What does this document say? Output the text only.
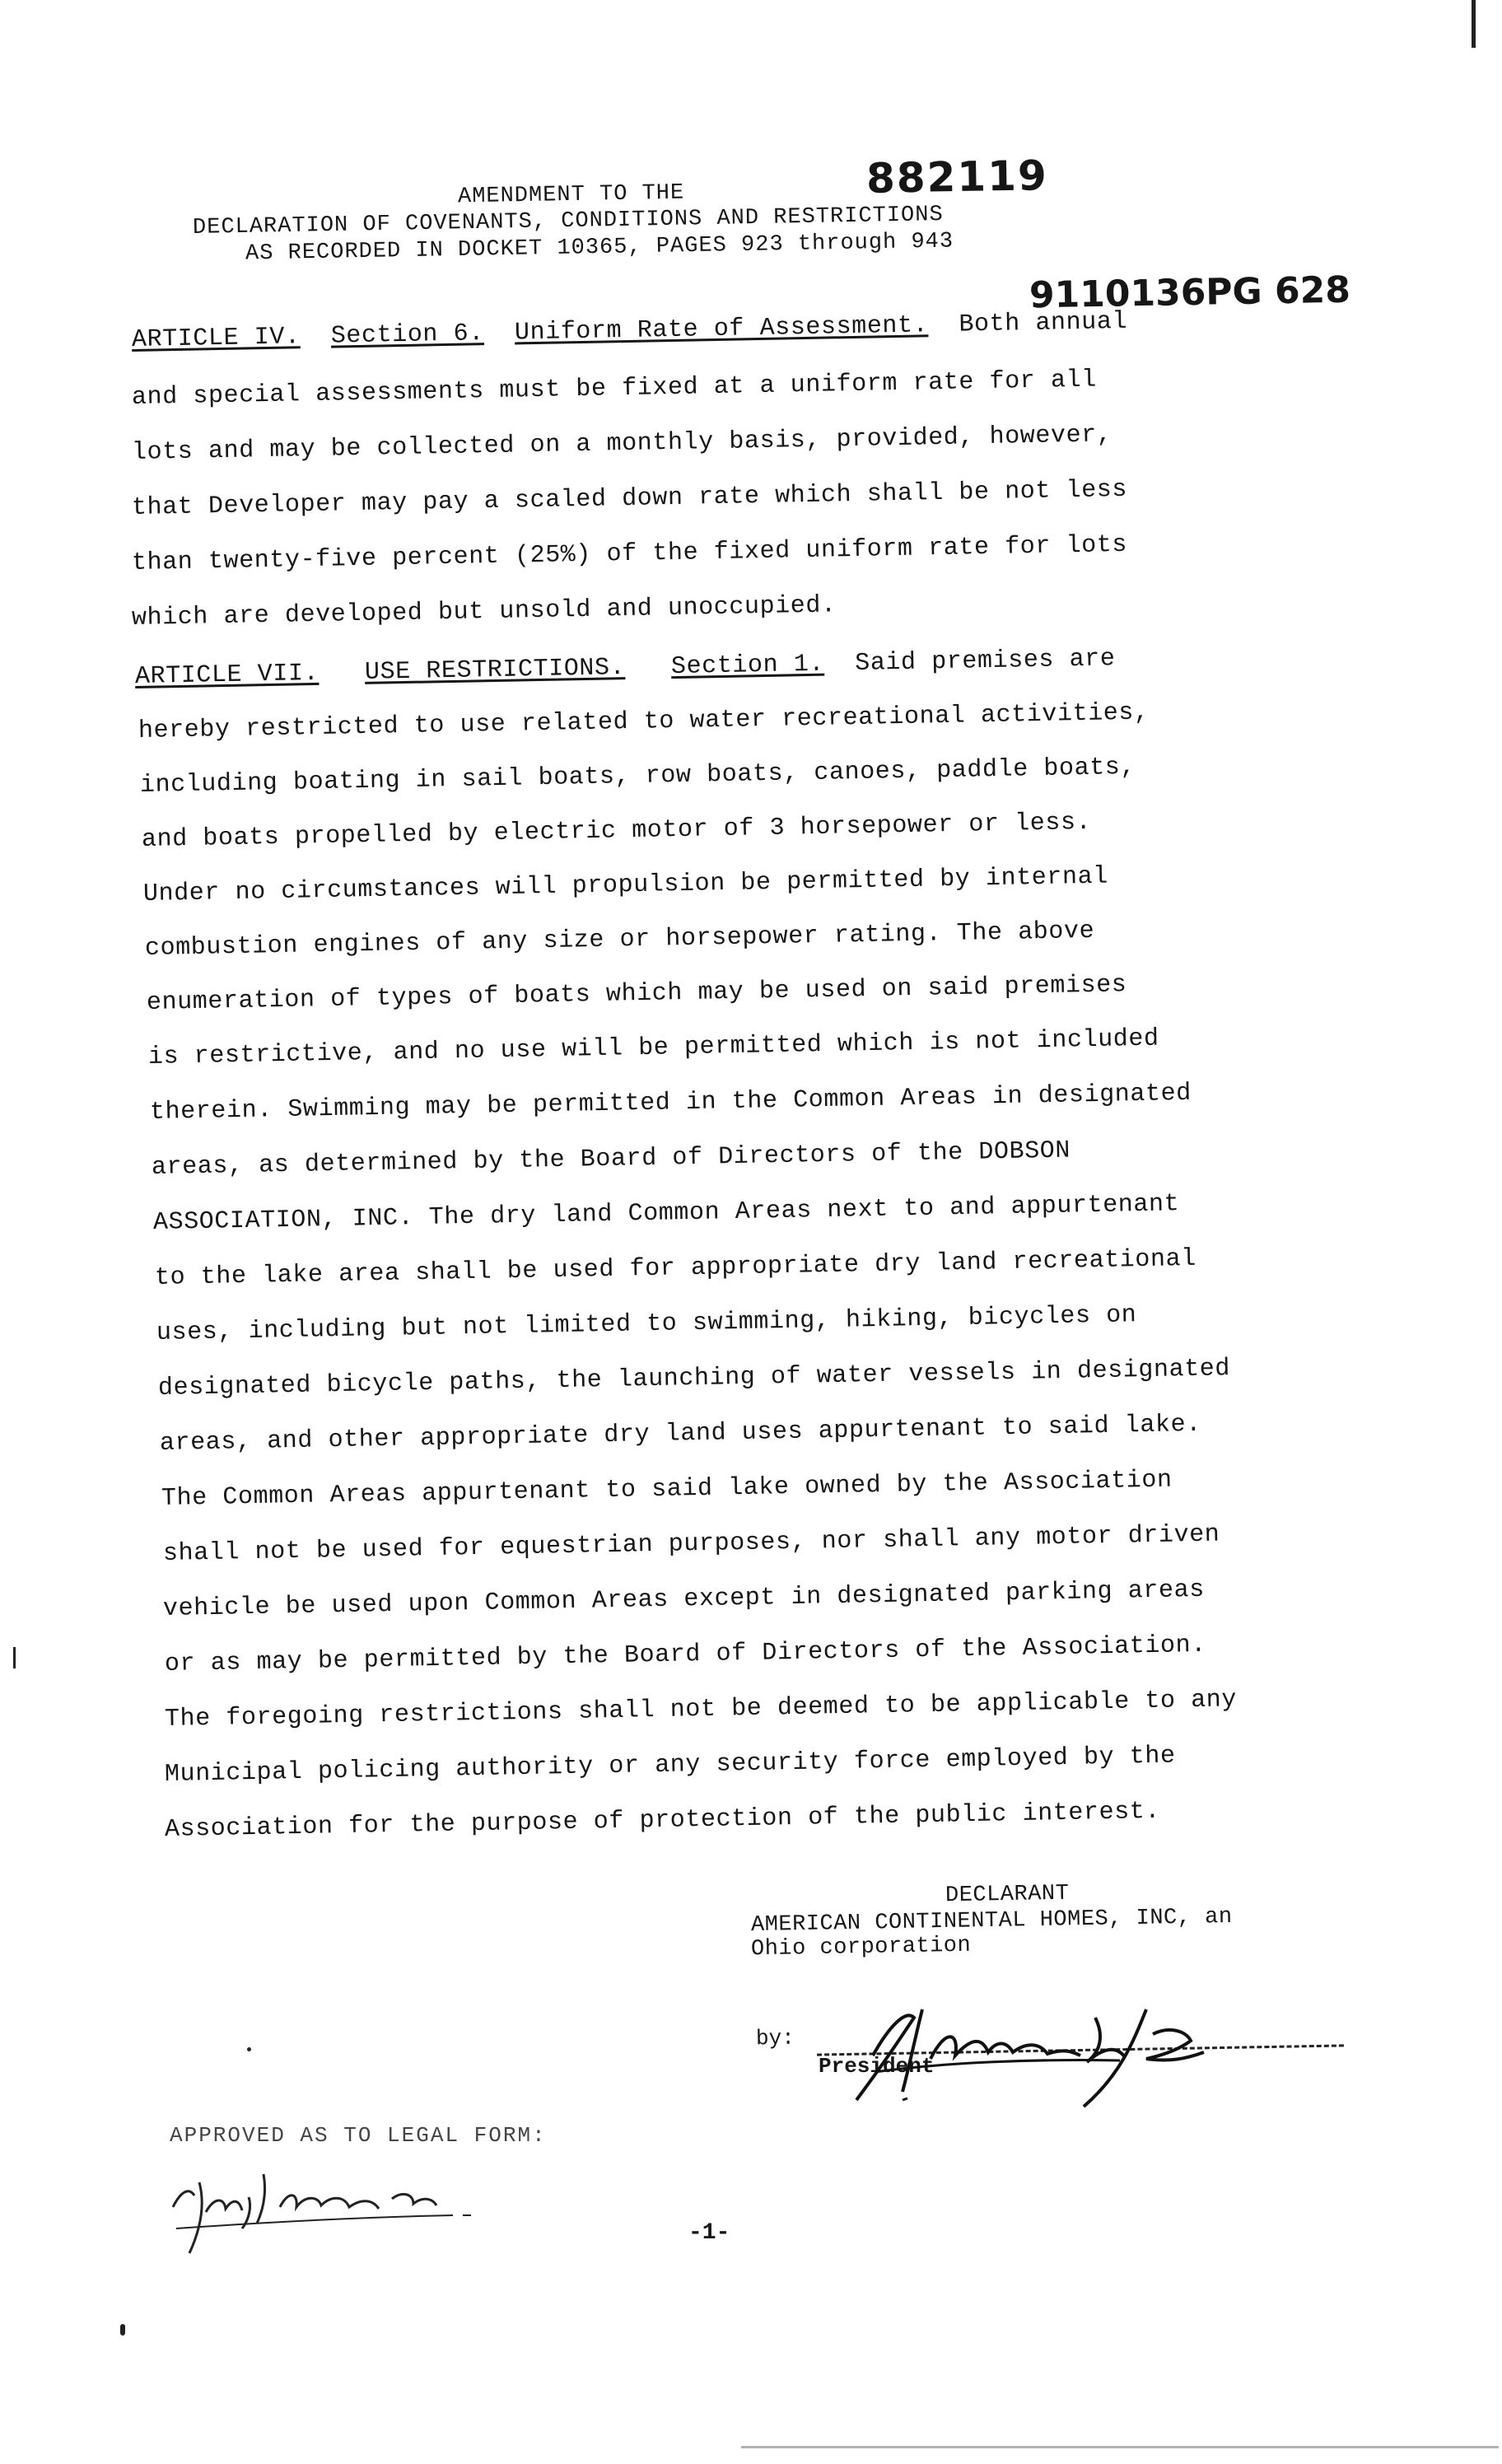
882119
AMENDMENT TO THE
DECLARATION OF COVENANTS, CONDITIONS AND RESTRICTIONS
AS RECORDED IN DOCKET 10365, PAGES 923 through 943
9110136PG 628
ARTICLE IV. Section 6. Uniform Rate of Assessment. Both annual
and special assessments must be fixed at a uniform rate for all
lots and may be collected on a monthly basis, provided, however,
that Developer may pay a scaled down rate which shall be not less
than twenty-five percent (25%) of the fixed uniform rate for lots
which are developed but unsold and unoccupied.
ARTICLE VII. USE RESTRICTIONS. Section 1. Said premises are
hereby restricted to use related to water recreational activities,
including boating in sail boats, row boats, canoes, paddle boats,
and boats propelled by electric motor of 3 horsepower or less.
Under no circumstances will propulsion be permitted by internal
combustion engines of any size or horsepower rating. The above
enumeration of types of boats which may be used on said premises
is restrictive, and no use will be permitted which is not included
therein. Swimming may be permitted in the Common Areas in designated
areas, as determined by the Board of Directors of the DOBSON
ASSOCIATION, INC. The dry land Common Areas next to and appurtenant
to the lake area shall be used for appropriate dry land recreational
uses, including but not limited to swimming, hiking, bicycles on
designated bicycle paths, the launching of water vessels in designated
areas, and other appropriate dry land uses appurtenant to said lake.
The Common Areas appurtenant to said lake owned by the Association
shall not be used for equestrian purposes, nor shall any motor driven
vehicle be used upon Common Areas except in designated parking areas
or as may be permitted by the Board of Directors of the Association.
The foregoing restrictions shall not be deemed to be applicable to any
Municipal policing authority or any security force employed by the
Association for the purpose of protection of the public interest.
DECLARANT
AMERICAN CONTINENTAL HOMES, INC, an
Ohio corporation
by:
President
APPROVED AS TO LEGAL FORM:
-1-
